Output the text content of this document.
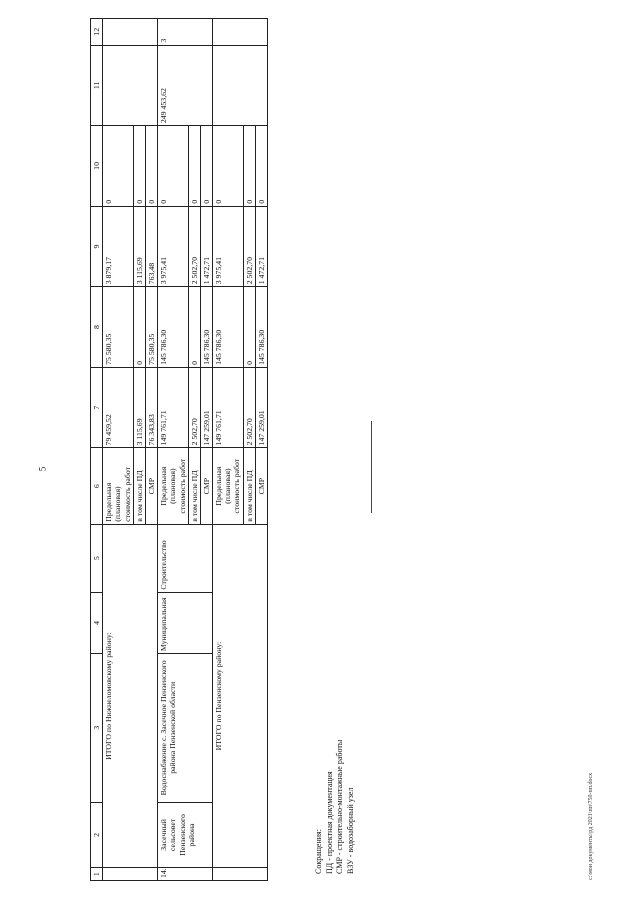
5
1	2	3	4	5	6	7	8	9	10	11	12
	ИТОГО по Нижнеломовскому району:				Предельная (плановая) стоимость работ	79 459,52	75 580,35	3 879,17	0		
					в том числе ПД	3 115,69	0	3 115,69	0		
					СМР	76 343,83	75 580,35	763,48	0		
14.	Засечный сельсовет Пензенского района	Водоснабжение с. Засечное Пензенского района Пензенской области	Муниципальная	Строительство	Предельная (плановая) стоимость работ	149 761,71	145 786,30	3 975,41	0	249 453,62	3
					в том числе ПД	2 502,70	0	2 502,70	0		
					СМР	147 259,01	145 786,30	1 472,71	0		
	ИТОГО по Пензенскому району:				Предельная (плановая) стоимость работ	149 761,71	145 786,30	3 975,41	0		
					в том числе ПД	2 502,70	0	2 502,70	0		
					СМР	147 259,01	145 786,30	1 472,71	0		
Сокращения: ПД - проектная документация СМР - строительно-монтажные работы ВЗУ - водозаборный узел	c:\мои документы\рд 2021\пп\750-пп.docx
